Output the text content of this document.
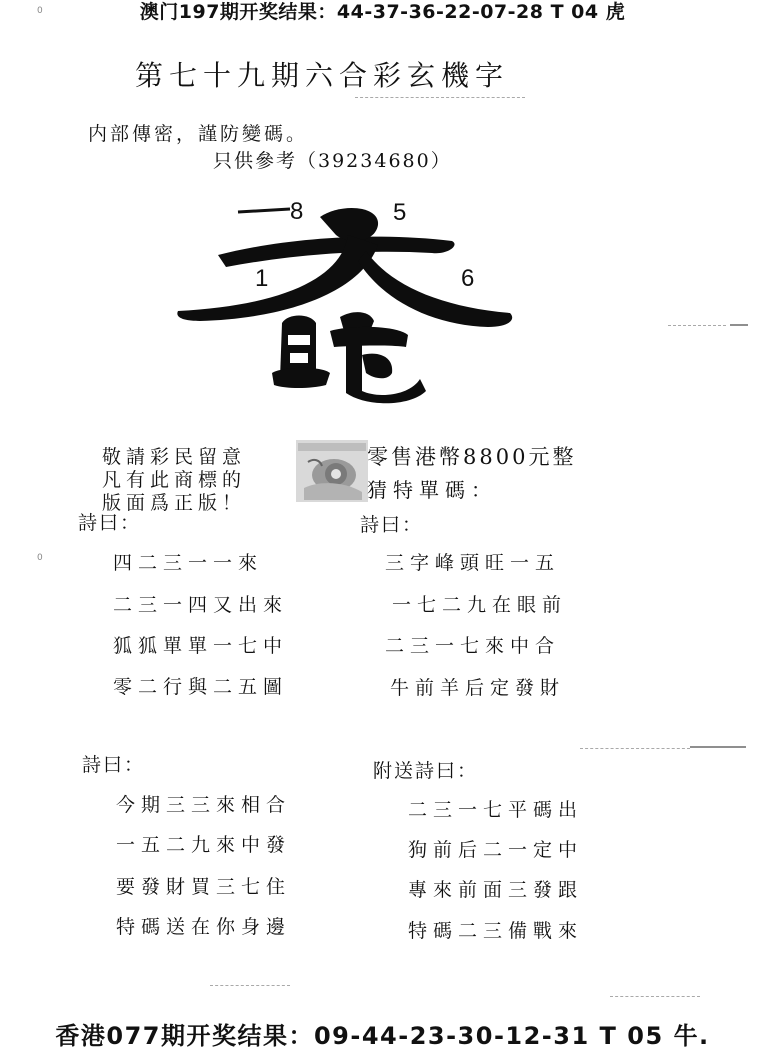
澳门197期开奖结果：44-37-36-22-07-28 T 04 虎
0
0
第七十九期六合彩玄機字
内部傳密，謹防變碼。
只供參考（39234680）
8	5
1	6
敬請彩民留意
凡有此商標的
版面爲正版！
零售港幣8800元整
猜特單碼：
詩曰：
四二三一一來
二三一四又出來
狐狐單單一七中
零二行與二五圖
詩曰：
三字峰頭旺一五
一七二九在眼前
二三一七來中合
牛前羊后定發財
詩曰：
今期三三來相合
一五二九來中發
要發財買三七住
特碼送在你身邊
附送詩曰：
二三一七平碼出
狗前后二一定中
專來前面三發跟
特碼二三備戰來
香港077期开奖结果：09-44-23-30-12-31 T 05 牛.
